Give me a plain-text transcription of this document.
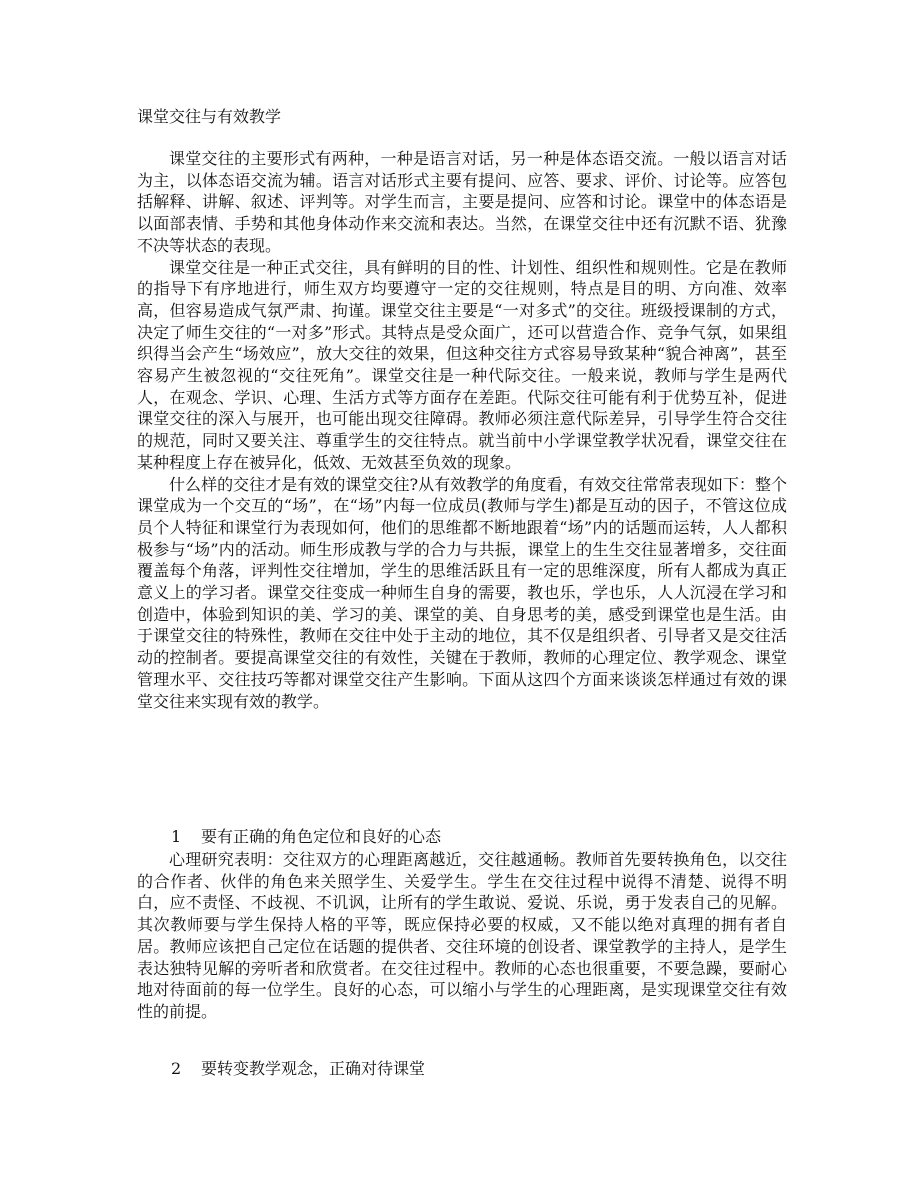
课堂交往与有效教学

课堂交往的主要形式有两种，一种是语言对话，另一种是体态语交流。一般以语言对话为主，以体态语交流为辅。语言对话形式主要有提问、应答、要求、评价、讨论等。应答包括解释、讲解、叙述、评判等。对学生而言，主要是提问、应答和讨论。课堂中的体态语是以面部表情、手势和其他身体动作来交流和表达。当然，在课堂交往中还有沉默不语、犹豫不决等状态的表现。

课堂交往是一种正式交往，具有鲜明的目的性、计划性、组织性和规则性。它是在教师的指导下有序地进行，师生双方均要遵守一定的交往规则，特点是目的明、方向准、效率高，但容易造成气氛严肃、拘谨。课堂交往主要是“一对多式”的交往。班级授课制的方式，决定了师生交往的“一对多”形式。其特点是受众面广，还可以营造合作、竞争气氛，如果组织得当会产生“场效应”，放大交往的效果，但这种交往方式容易导致某种“貌合神离”，甚至容易产生被忽视的“交往死角”。课堂交往是一种代际交往。一般来说，教师与学生是两代人，在观念、学识、心理、生活方式等方面存在差距。代际交往可能有利于优势互补，促进课堂交往的深入与展开，也可能出现交往障碍。教师必须注意代际差异，引导学生符合交往的规范，同时又要关注、尊重学生的交往特点。就当前中小学课堂教学状况看，课堂交往在某种程度上存在被异化，低效、无效甚至负效的现象。

什么样的交往才是有效的课堂交往?从有效教学的角度看，有效交往常常表现如下：整个课堂成为一个交互的“场”，在“场”内每一位成员(教师与学生)都是互动的因子，不管这位成员个人特征和课堂行为表现如何，他们的思维都不断地跟着“场”内的话题而运转，人人都积极参与“场”内的活动。师生形成教与学的合力与共振，课堂上的生生交往显著增多，交往面覆盖每个角落，评判性交往增加，学生的思维活跃且有一定的思维深度，所有人都成为真正意义上的学习者。课堂交往变成一种师生自身的需要，教也乐，学也乐，人人沉浸在学习和创造中，体验到知识的美、学习的美、课堂的美、自身思考的美，感受到课堂也是生活。由于课堂交往的特殊性，教师在交往中处于主动的地位，其不仅是组织者、引导者又是交往活动的控制者。要提高课堂交往的有效性，关键在于教师，教师的心理定位、教学观念、课堂管理水平、交往技巧等都对课堂交往产生影响。下面从这四个方面来谈谈怎样通过有效的课堂交往来实现有效的教学。

1 要有正确的角色定位和良好的心态

心理研究表明：交往双方的心理距离越近，交往越通畅。教师首先要转换角色，以交往的合作者、伙伴的角色来关照学生、关爱学生。学生在交往过程中说得不清楚、说得不明白，应不责怪、不歧视、不讥讽，让所有的学生敢说、爱说、乐说，勇于发表自己的见解。其次教师要与学生保持人格的平等，既应保持必要的权威，又不能以绝对真理的拥有者自居。教师应该把自己定位在话题的提供者、交往环境的创设者、课堂教学的主持人，是学生表达独特见解的旁听者和欣赏者。在交往过程中。教师的心态也很重要，不要急躁，要耐心地对待面前的每一位学生。良好的心态，可以缩小与学生的心理距离，是实现课堂交往有效性的前提。

2 要转变教学观念，正确对待课堂
